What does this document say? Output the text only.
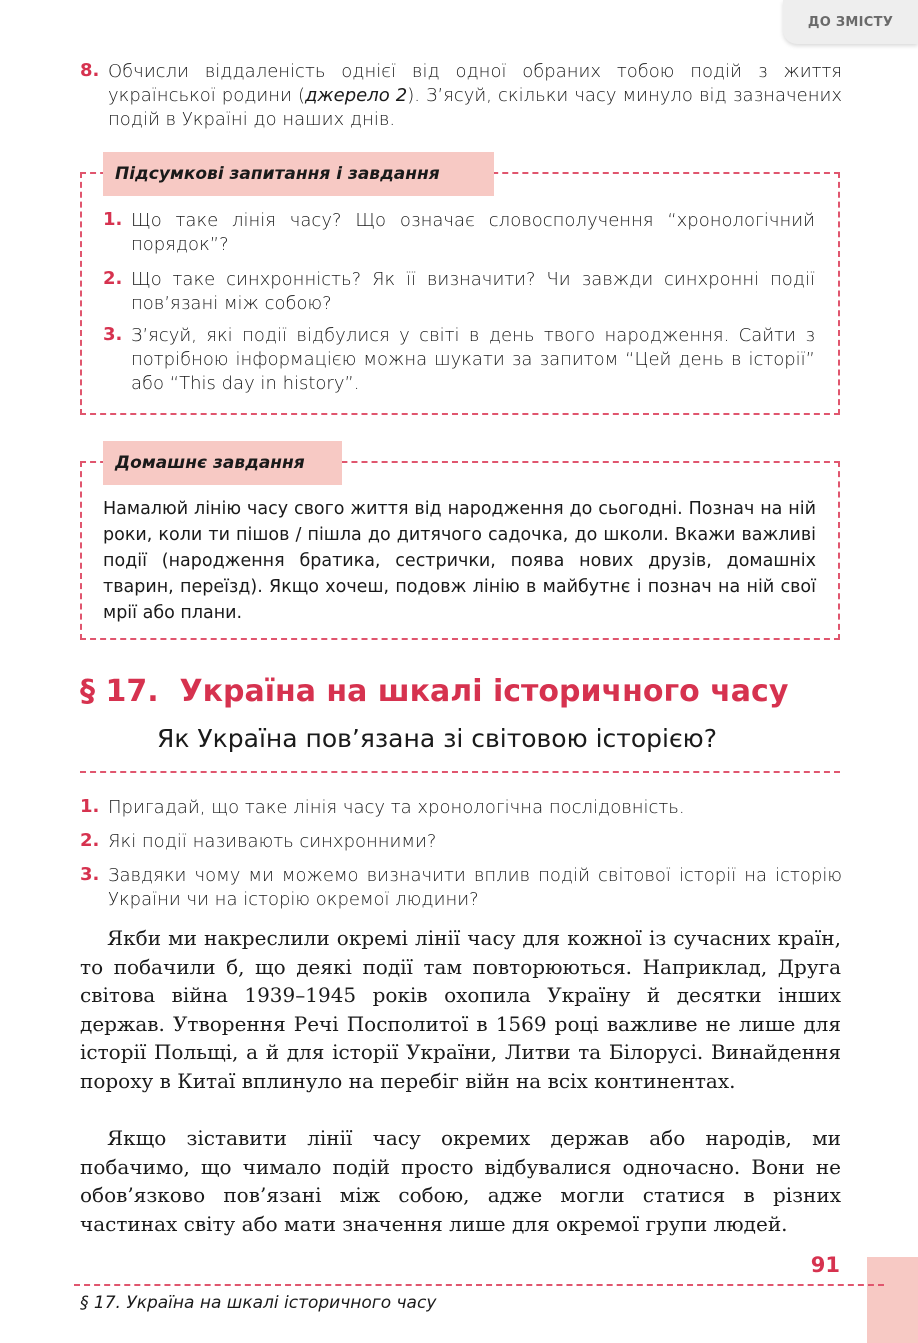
ДО ЗМІСТУ
8. Обчисли віддаленість однієї від одної обраних тобою подій з життя української родини (джерело 2). З’ясуй, скільки часу минуло від зазначених подій в Україні до наших днів.
Підсумкові запитання і завдання
1. Що таке лінія часу? Що означає словосполучення “хронологічний порядок”?
2. Що таке синхронність? Як її визначити? Чи завжди синхронні події пов’язані між собою?
3. З’ясуй, які події відбулися у світі в день твого народження. Сайти з потрібною інформацією можна шукати за запитом “Цей день в історії” або “This day in history”.
Домашнє завдання
Намалюй лінію часу свого життя від народження до сьогодні. Познач на ній роки, коли ти пішов / пішла до дитячого садочка, до школи. Вкажи важливі події (народження братика, сестрички, поява нових друзів, домашніх тварин, переїзд). Якщо хочеш, подовж лінію в майбутнє і познач на ній свої мрії або плани.
§ 17. Україна на шкалі історичного часу
Як Україна пов’язана зі світовою історією?
1. Пригадай, що таке лінія часу та хронологічна послідовність.
2. Які події називають синхронними?
3. Завдяки чому ми можемо визначити вплив подій світової історії на історію України чи на історію окремої людини?

Якби ми накреслили окремі лінії часу для кожної із сучасних країн, то побачили б, що деякі події там повторюються. Наприклад, Друга світова війна 1939–1945 років охопила Україну й десятки інших держав. Утворення Речі Посполитої в 1569 році важливе не лише для історії Польщі, а й для історії України, Литви та Білорусі. Винайдення пороху в Китаї вплинуло на перебіг війн на всіх континентах.

Якщо зіставити лінії часу окремих держав або народів, ми побачимо, що чимало подій просто відбувалися одночасно. Вони не обов’язково пов’язані між собою, адже могли статися в різних частинах світу або мати значення лише для окремої групи людей.

91
§ 17. Україна на шкалі історичного часу
